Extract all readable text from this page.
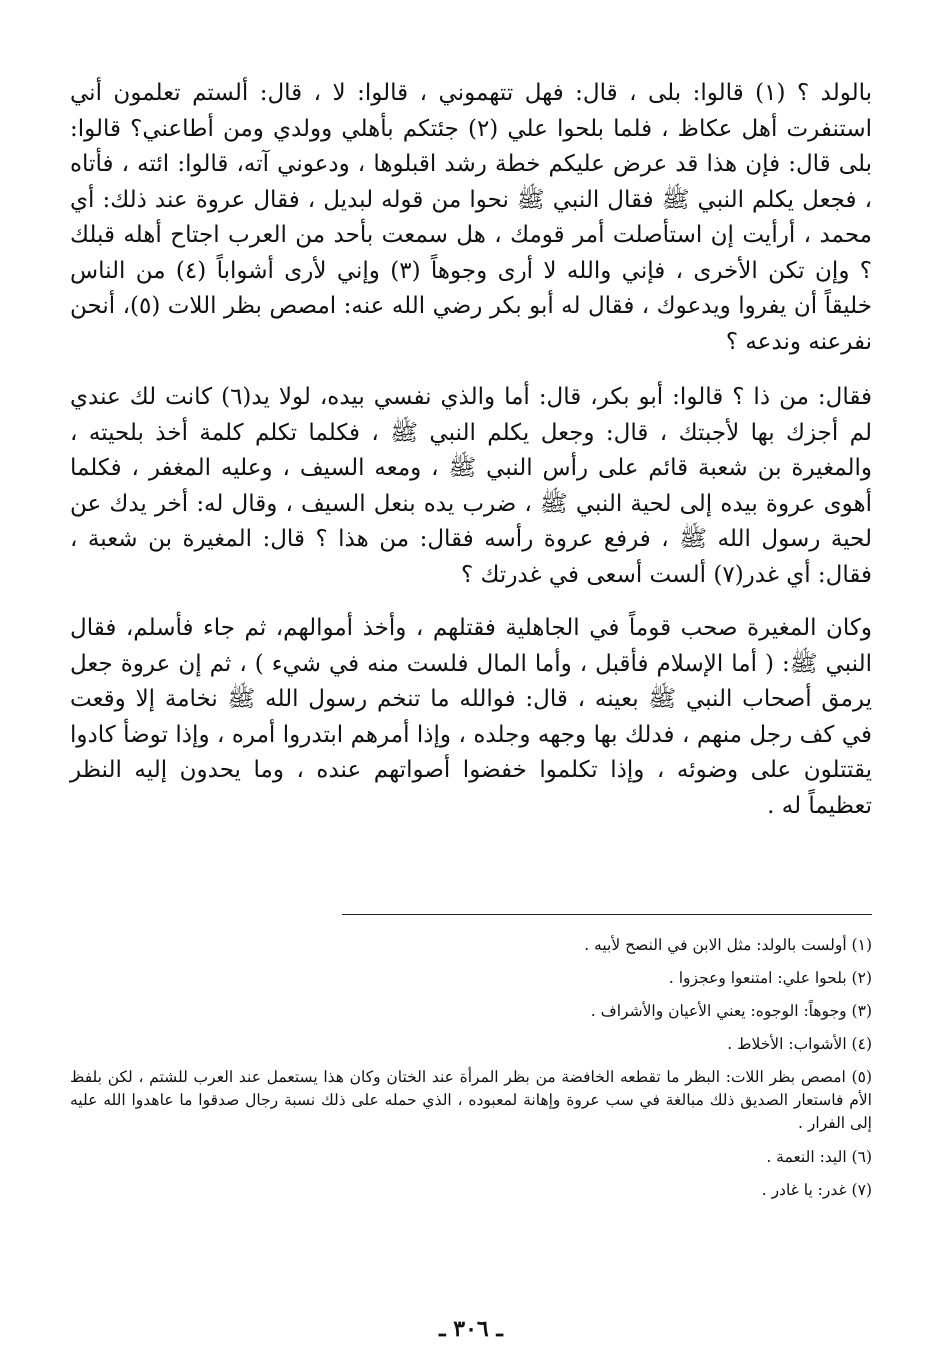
بالولد ؟ (١) قالوا: بلى ، قال: فهل تتهموني ، قالوا: لا ، قال: ألستم تعلمون أني استنفرت أهل عكاظ ، فلما بلحوا علي (٢) جئتكم بأهلي وولدي ومن أطاعني؟ قالوا: بلى قال: فإن هذا قد عرض عليكم خطة رشد اقبلوها ، ودعوني آته، قالوا: ائته ، فأتاه ، فجعل يكلم النبي ﷺ فقال النبي ﷺ نحوا من قوله لبديل ، فقال عروة عند ذلك: أي محمد ، أرأيت إن استأصلت أمر قومك ، هل سمعت بأحد من العرب اجتاح أهله قبلك ؟ وإن تكن الأخرى ، فإني والله لا أرى وجوهاً (٣) وإني لأرى أشواباً (٤) من الناس خليقاً أن يفروا ويدعوك ، فقال له أبو بكر رضي الله عنه: امصص بظر اللات (٥)، أنحن نفرعنه وندعه ؟

فقال: من ذا ؟ قالوا: أبو بكر، قال: أما والذي نفسي بيده، لولا يد(٦) كانت لك عندي لم أجزك بها لأجبتك ، قال: وجعل يكلم النبي ﷺ ، فكلما تكلم كلمة أخذ بلحيته ، والمغيرة بن شعبة قائم على رأس النبي ﷺ ، ومعه السيف ، وعليه المغفر ، فكلما أهوى عروة بيده إلى لحية النبي ﷺ ، ضرب يده بنعل السيف ، وقال له: أخر يدك عن لحية رسول الله ﷺ ، فرفع عروة رأسه فقال: من هذا ؟ قال: المغيرة بن شعبة ، فقال: أي غدر(٧) ألست أسعى في غدرتك ؟

وكان المغيرة صحب قوماً في الجاهلية فقتلهم ، وأخذ أموالهم، ثم جاء فأسلم، فقال النبي ﷺ: ( أما الإسلام فأقبل ، وأما المال فلست منه في شيء ) ، ثم إن عروة جعل يرمق أصحاب النبي ﷺ بعينه ، قال: فوالله ما تنخم رسول الله ﷺ نخامة إلا وقعت في كف رجل منهم ، فدلك بها وجهه وجلده ، وإذا أمرهم ابتدروا أمره ، وإذا توضأ كادوا يقتتلون على وضوئه ، وإذا تكلموا خفضوا أصواتهم عنده ، وما يحدون إليه النظر تعظيماً له .

(١) أولست بالولد: مثل الابن في النصح لأبيه .

(٢) بلحوا علي: امتنعوا وعجزوا .

(٣) وجوهاً: الوجوه: يعني الأعيان والأشراف .

(٤) الأشواب: الأخلاط .

(٥) امصص بظر اللات: البظر ما تقطعه الخافضة من بظر المرأة عند الختان وكان هذا يستعمل عند العرب للشتم ، لكن بلفظ الأم فاستعار الصديق ذلك مبالغة في سب عروة وإهانة لمعبوده ، الذي حمله على ذلك نسبة رجال صدقوا ما عاهدوا الله عليه إلى الفرار .

(٦) اليد: النعمة .

(٧) غدر: يا غادر .

ـ ٣٠٦ ـ
